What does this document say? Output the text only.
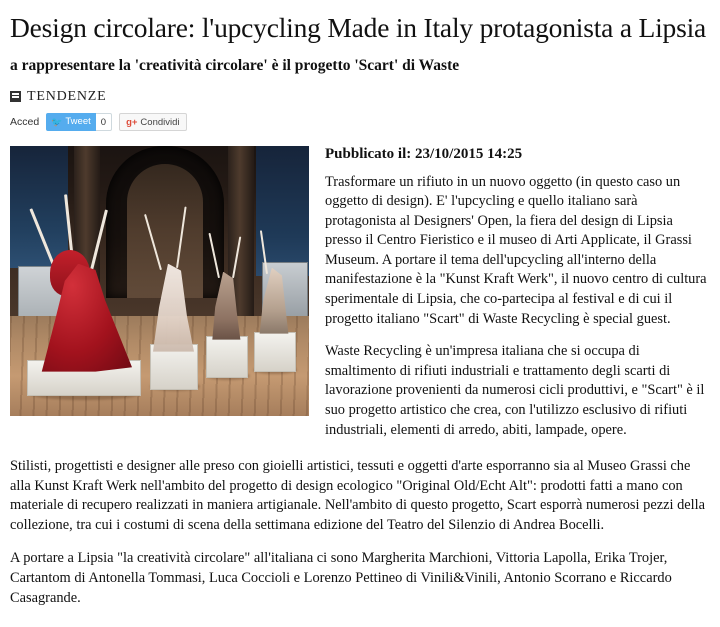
Design circolare: l'upcycling Made in Italy protagonista a Lipsia
a rappresentare la 'creatività circolare' è il progetto 'Scart' di Waste
TENDENZE
Acced 🐦 Tweet	0	g+ Condividi
Pubblicato il: 23/10/2015 14:25

Trasformare un rifiuto in un nuovo oggetto (in questo caso un oggetto di design). E' l'upcycling e quello italiano sarà protagonista al Designers' Open, la fiera del design di Lipsia presso il Centro Fieristico e il museo di Arti Applicate, il Grassi Museum. A portare il tema dell'upcycling all'interno della manifestazione è la "Kunst Kraft Werk", il nuovo centro di cultura sperimentale di Lipsia, che co-partecipa al festival e di cui il progetto italiano "Scart" di Waste Recycling è special guest.

Waste Recycling è un'impresa italiana che si occupa di smaltimento di rifiuti industriali e trattamento degli scarti di lavorazione provenienti da numerosi cicli produttivi, e "Scart" è il suo progetto artistico che crea, con l'utilizzo esclusivo di rifiuti industriali, elementi di arredo, abiti, lampade, opere.

Stilisti, progettisti e designer alle preso con gioielli artistici, tessuti e oggetti d'arte esporranno sia al Museo Grassi che alla Kunst Kraft Werk nell'ambito del progetto di design ecologico "Original Old/Echt Alt": prodotti fatti a mano con materiale di recupero realizzati in maniera artigianale. Nell'ambito di questo progetto, Scart esporrà numerosi pezzi della collezione, tra cui i costumi di scena della settimana edizione del Teatro del Silenzio di Andrea Bocelli.

A portare a Lipsia "la creatività circolare" all'italiana ci sono Margherita Marchioni, Vittoria Lapolla, Erika Trojer, Cartantom di Antonella Tommasi, Luca Coccioli e Lorenzo Pettineo di Vinili&Vinili, Antonio Scorrano e Riccardo Casagrande.
